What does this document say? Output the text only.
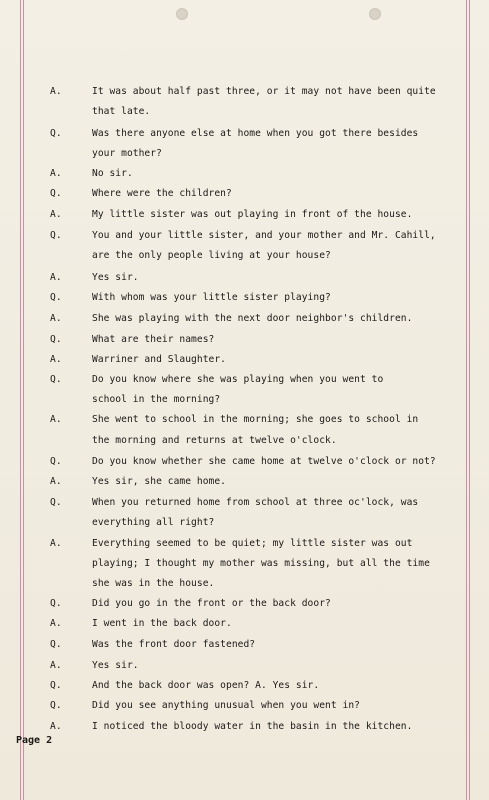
A.	It was about half past three, or it may not have been quite
that late.
Q.	Was there anyone else at home when you got there besides
your mother?
A.	No sir.
Q.	Where were the children?
A.	My little sister was out playing in front of the house.
Q.	You and your little sister, and your mother and Mr. Cahill,
are the only people living at your house?
A.	Yes sir.
Q.	With whom was your little sister playing?
A.	She was playing with the next door neighbor's children.
Q.	What are their names?
A.	Warriner and Slaughter.
Q.	Do you know where she was playing when you went to
school in the morning?
A.	She went to school in the morning; she goes to school in
the morning and returns at twelve o'clock.
Q.	Do you know whether she came home at twelve o'clock or not?
A.	Yes sir, she came home.
Q.	When you returned home from school at three oc'lock, was
everything all right?
A.	Everything seemed to be quiet; my little sister was out
playing; I thought my mother was missing, but all the time
she was in the house.
Q.	Did you go in the front or the back door?
A.	I went in the back door.
Q.	Was the front door fastened?
A.	Yes sir.
Q.	And the back door was open? A. Yes sir.
Q.	Did you see anything unusual when you went in?
A.	I noticed the bloody water in the basin in the kitchen.
Page 2
